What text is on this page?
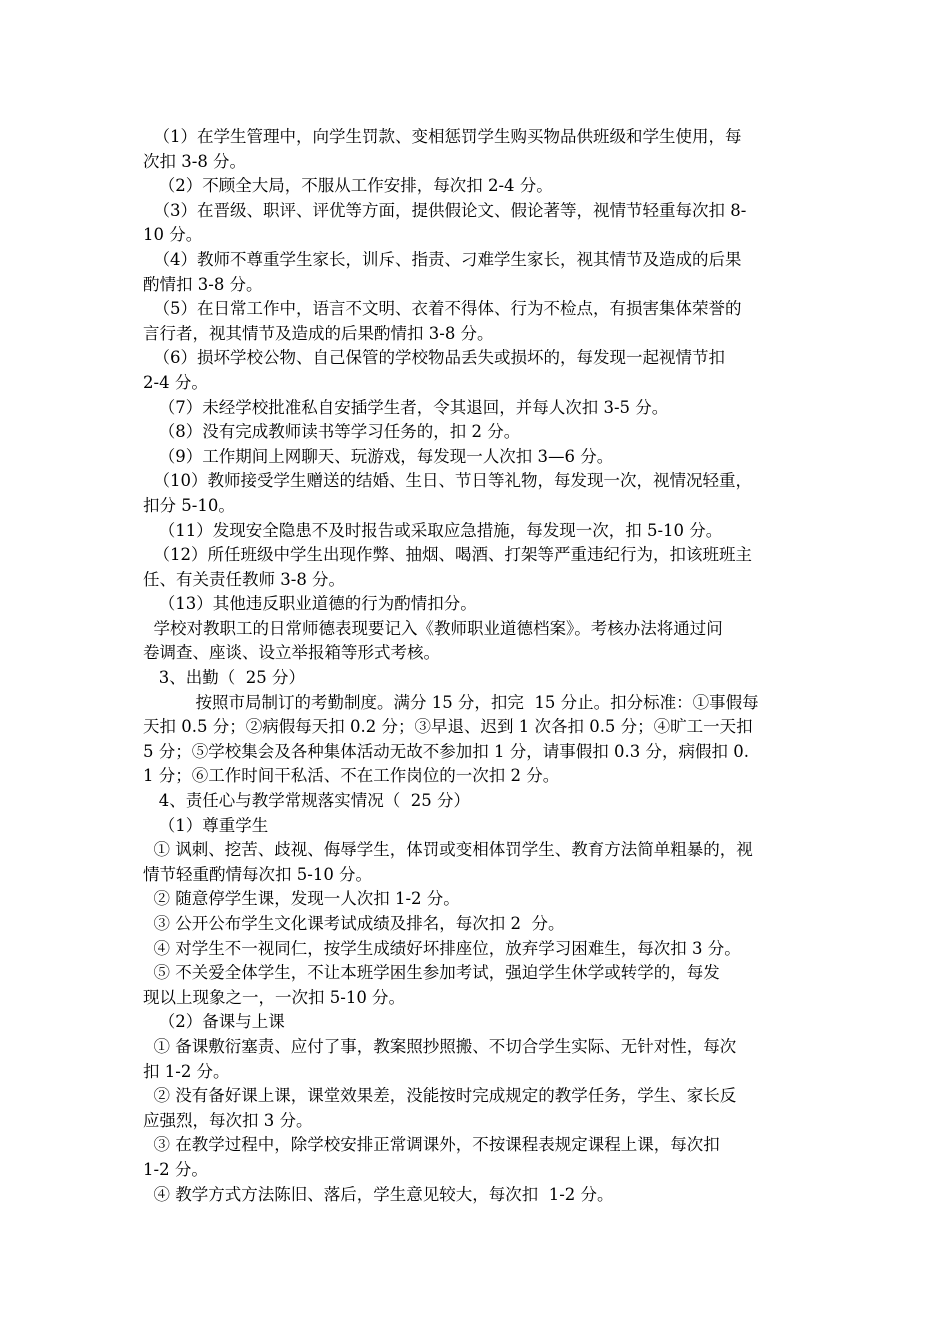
（1）在学生管理中，向学生罚款、变相惩罚学生购买物品供班级和学生使用，每
次扣 3-8 分。
（2）不顾全大局，不服从工作安排，每次扣 2-4 分。
（3）在晋级、职评、评优等方面，提供假论文、假论著等，视情节轻重每次扣 8-
10 分。
（4）教师不尊重学生家长，训斥、指责、刁难学生家长，视其情节及造成的后果
酌情扣 3-8 分。
（5）在日常工作中，语言不文明、衣着不得体、行为不检点，有损害集体荣誉的
言行者，视其情节及造成的后果酌情扣 3-8 分。
（6）损坏学校公物、自己保管的学校物品丢失或损坏的，每发现一起视情节扣
2-4 分。
（7）未经学校批准私自安插学生者，令其退回，并每人次扣 3-5 分。
（8）没有完成教师读书等学习任务的，扣 2 分。
（9）工作期间上网聊天、玩游戏，每发现一人次扣 3—6 分。
（10）教师接受学生赠送的结婚、生日、节日等礼物，每发现一次，视情况轻重，
扣分 5-10。
（11）发现安全隐患不及时报告或采取应急措施，每发现一次，扣 5-10 分。
（12）所任班级中学生出现作弊、抽烟、喝酒、打架等严重违纪行为，扣该班班主
任、有关责任教师 3-8 分。
（13）其他违反职业道德的行为酌情扣分。
学校对教职工的日常师德表现要记入《教师职业道德档案》。考核办法将通过问
卷调查、座谈、设立举报箱等形式考核。
3、出勤（  25 分）
按照市局制订的考勤制度。满分 15 分，扣完  15 分止。扣分标准：①事假每
天扣 0.5 分；②病假每天扣 0.2 分；③早退、迟到 1 次各扣 0.5 分；④旷工一天扣
5 分；⑤学校集会及各种集体活动无故不参加扣 1 分，请事假扣 0.3 分，病假扣 0.
1 分；⑥工作时间干私活、不在工作岗位的一次扣 2 分。
4、责任心与教学常规落实情况（  25 分）
（1）尊重学生
① 讽刺、挖苦、歧视、侮辱学生，体罚或变相体罚学生、教育方法简单粗暴的，视
情节轻重酌情每次扣 5-10 分。
② 随意停学生课，发现一人次扣 1-2 分。
③ 公开公布学生文化课考试成绩及排名，每次扣 2  分。
④ 对学生不一视同仁，按学生成绩好坏排座位，放弃学习困难生，每次扣 3 分。
⑤ 不关爱全体学生，不让本班学困生参加考试，强迫学生休学或转学的，每发
现以上现象之一，一次扣 5-10 分。
（2）备课与上课
① 备课敷衍塞责、应付了事，教案照抄照搬、不切合学生实际、无针对性，每次
扣 1-2 分。
② 没有备好课上课，课堂效果差，没能按时完成规定的教学任务，学生、家长反
应强烈，每次扣 3 分。
③ 在教学过程中，除学校安排正常调课外，不按课程表规定课程上课，每次扣
1-2 分。
④ 教学方式方法陈旧、落后，学生意见较大，每次扣  1-2 分。
